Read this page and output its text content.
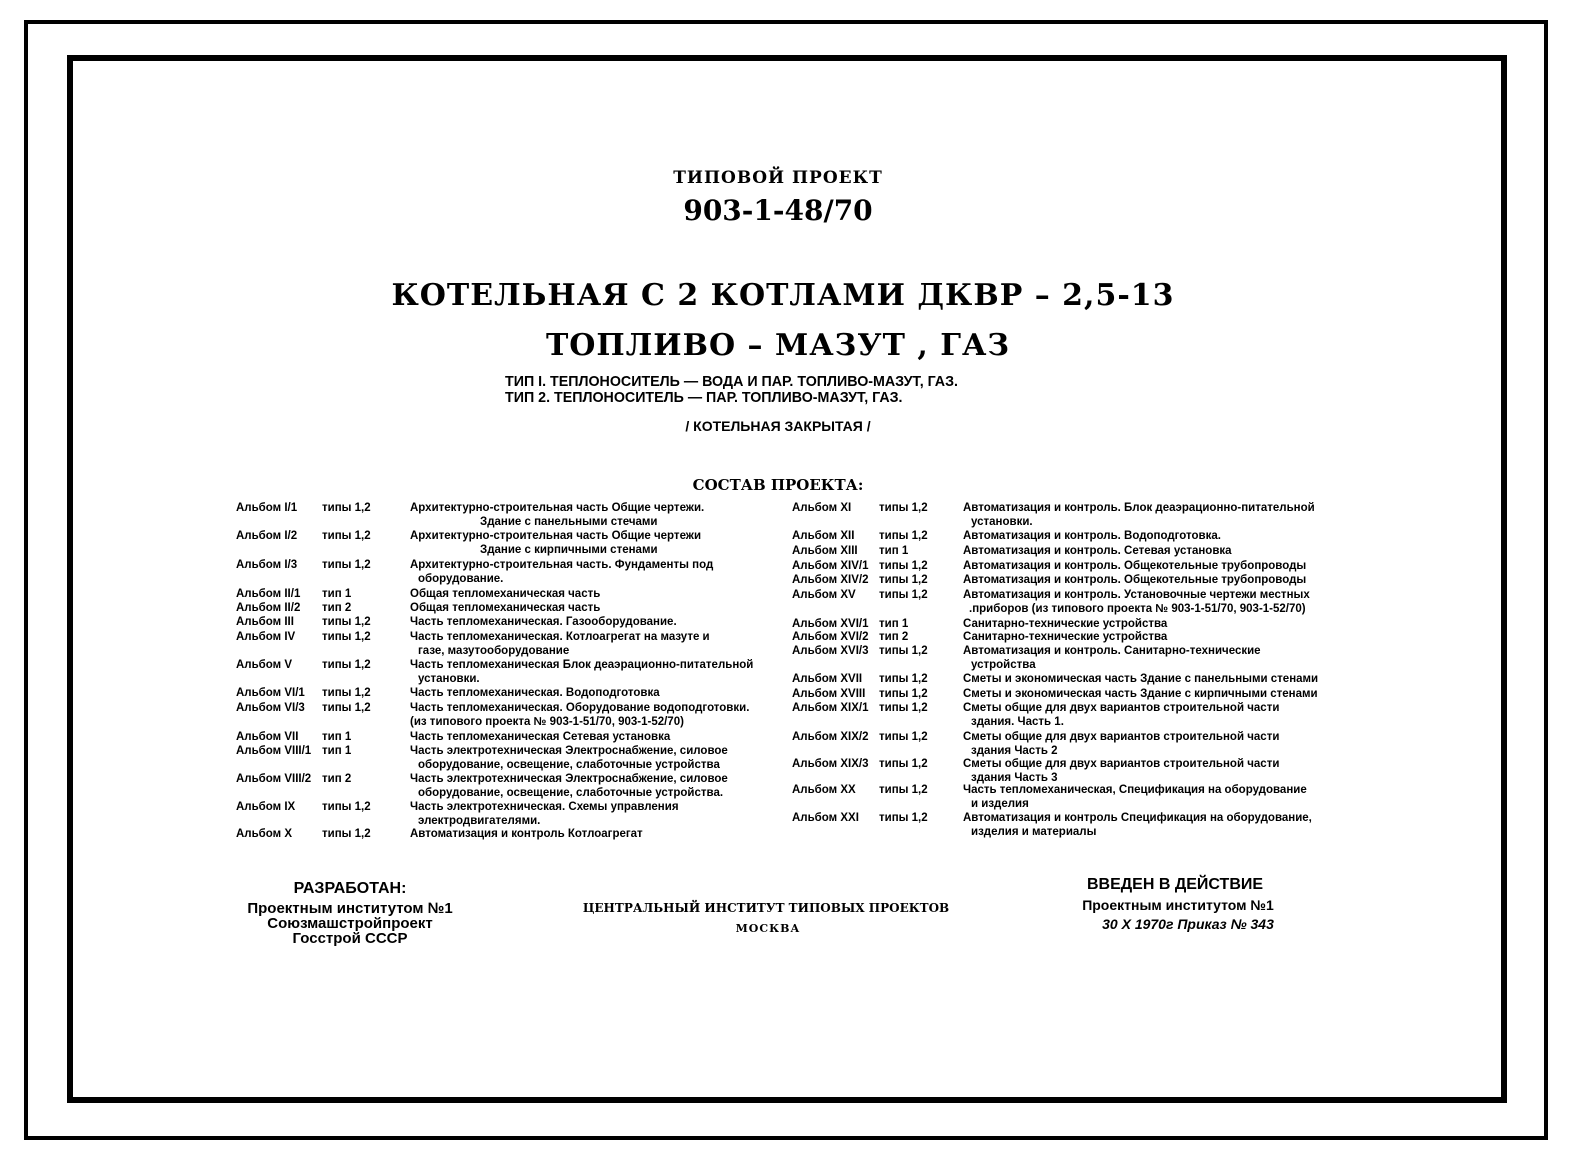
ТИПОВОЙ ПРОЕКТ
903-1-48/70
КОТЕЛЬНАЯ С 2 КОТЛАМИ ДКВР – 2,5-13
ТОПЛИВО – МАЗУТ , ГАЗ
ТИП I. ТЕПЛОНОСИТЕЛЬ — ВОДА И ПАР. ТОПЛИВО-МАЗУТ, ГАЗ.
ТИП 2. ТЕПЛОНОСИТЕЛЬ — ПАР. ТОПЛИВО-МАЗУТ, ГАЗ.
/ КОТЕЛЬНАЯ ЗАКРЫТАЯ /
СОСТАВ ПРОЕКТА:
Альбом I/1 типы 1,2	Архитектурно-строительная часть Общие чертежи.
Здание с панельными стечами
Альбом I/2 типы 1,2	Архитектурно-строительная часть Общие чертежи
Здание с кирпичными стенами
Альбом I/3 типы 1,2	Архитектурно-строительная часть. Фундаменты под
оборудование.
Альбом II/1 тип 1	Общая тепломеханическая часть
Альбом II/2 тип 2	Общая тепломеханическая часть
Альбом III типы 1,2	Часть тепломеханическая. Газооборудование.
Альбом IV типы 1,2	Часть тепломеханическая. Котлоагрегат на мазуте и
газе, мазутооборудование
Альбом V	типы 1,2	Часть тепломеханическая Блок деаэрационно-питательной
установки.
Альбом VI/1 типы 1,2	Часть тепломеханическая. Водоподготовка
Альбом VI/3 типы 1,2	Часть тепломеханическая. Оборудование водоподготовки.
(из типового проекта № 903-1-51/70, 903-1-52/70)
Альбом VII тип 1	Часть тепломеханическая Сетевая установка
Альбом VIII/1 тип 1	Часть электротехническая Электроснабжение, силовое
оборудование, освещение, слаботочные устройства
Альбом VIII/2 тип 2	Часть электротехническая Электроснабжение, силовое
оборудование, освещение, слаботочные устройства.
Альбом IX типы 1,2	Часть электротехническая. Схемы управления
электродвигателями.
Альбом X	типы 1,2	Автоматизация и контроль Котлоагрегат
Альбом XI типы 1,2	Автоматизация и контроль. Блок деаэрационно-питательной
установки.
Альбом XII типы 1,2	Автоматизация и контроль. Водоподготовка.
Альбом XIII тип 1	Автоматизация и контроль. Сетевая установка
Альбом XIV/1 типы 1,2	Автоматизация и контроль. Общекотельные трубопроводы
Альбом XIV/2 типы 1,2	Автоматизация и контроль. Общекотельные трубопроводы
Альбом XV типы 1,2	Автоматизация и контроль. Установочные чертежи местных
.приборов (из типового проекта № 903-1-51/70, 903-1-52/70)
Альбом XVI/1 тип 1	Санитарно-технические устройства
Альбом XVI/2 тип 2	Санитарно-технические устройства
Альбом XVI/3 типы 1,2	Автоматизация и контроль. Санитарно-технические
устройства
Альбом XVII типы 1,2	Сметы и экономическая часть Здание с панельными стенами
Альбом XVIII типы 1,2	Сметы и экономическая часть Здание с кирпичными стенами
Альбом XIX/1 типы 1,2	Сметы общие для двух вариантов строительной части
здания. Часть 1.
Альбом XIX/2 типы 1,2	Сметы общие для двух вариантов строительной части
здания Часть 2
Альбом XIX/3 типы 1,2	Сметы общие для двух вариантов строительной части
здания Часть 3
Альбом XX типы 1,2	Часть тепломеханическая, Спецификация на оборудование
и изделия
Альбом XXI типы 1,2	Автоматизация и контроль Спецификация на оборудование,
изделия и материалы
РАЗРАБОТАН:
Проектным институтом №1
Союзмашстройпроект
Госстрой СССР
ЦЕНТРАЛЬНЫЙ ИНСТИТУТ ТИПОВЫХ ПРОЕКТОВ
МОСКВА
ВВЕДЕН В ДЕЙСТВИЕ
Проектным институтом №1
30 X 1970г Приказ № 343
